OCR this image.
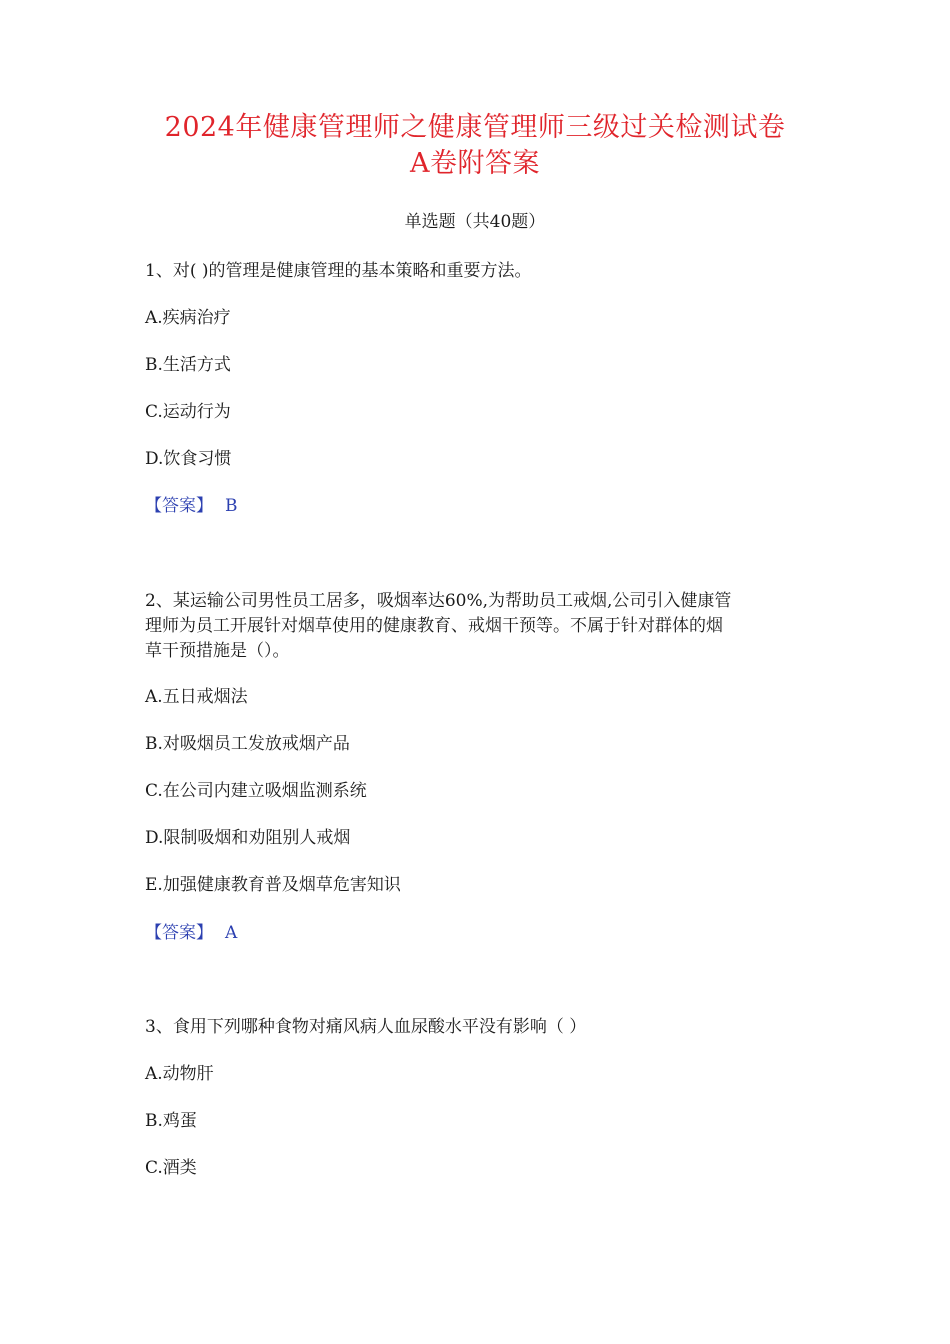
2024年健康管理师之健康管理师三级过关检测试卷
A卷附答案
单选题（共40题）
1、对( )的管理是健康管理的基本策略和重要方法。
A.疾病治疗
B.生活方式
C.运动行为
D.饮食习惯
【答案】 B
2、某运输公司男性员工居多，吸烟率达60%,为帮助员工戒烟,公司引入健康管
理师为员工开展针对烟草使用的健康教育、戒烟干预等。不属于针对群体的烟
草干预措施是（）。
A.五日戒烟法
B.对吸烟员工发放戒烟产品
C.在公司内建立吸烟监测系统
D.限制吸烟和劝阻别人戒烟
E.加强健康教育普及烟草危害知识
【答案】 A
3、食用下列哪种食物对痛风病人血尿酸水平没有影响（ ）
A.动物肝
B.鸡蛋
C.酒类
